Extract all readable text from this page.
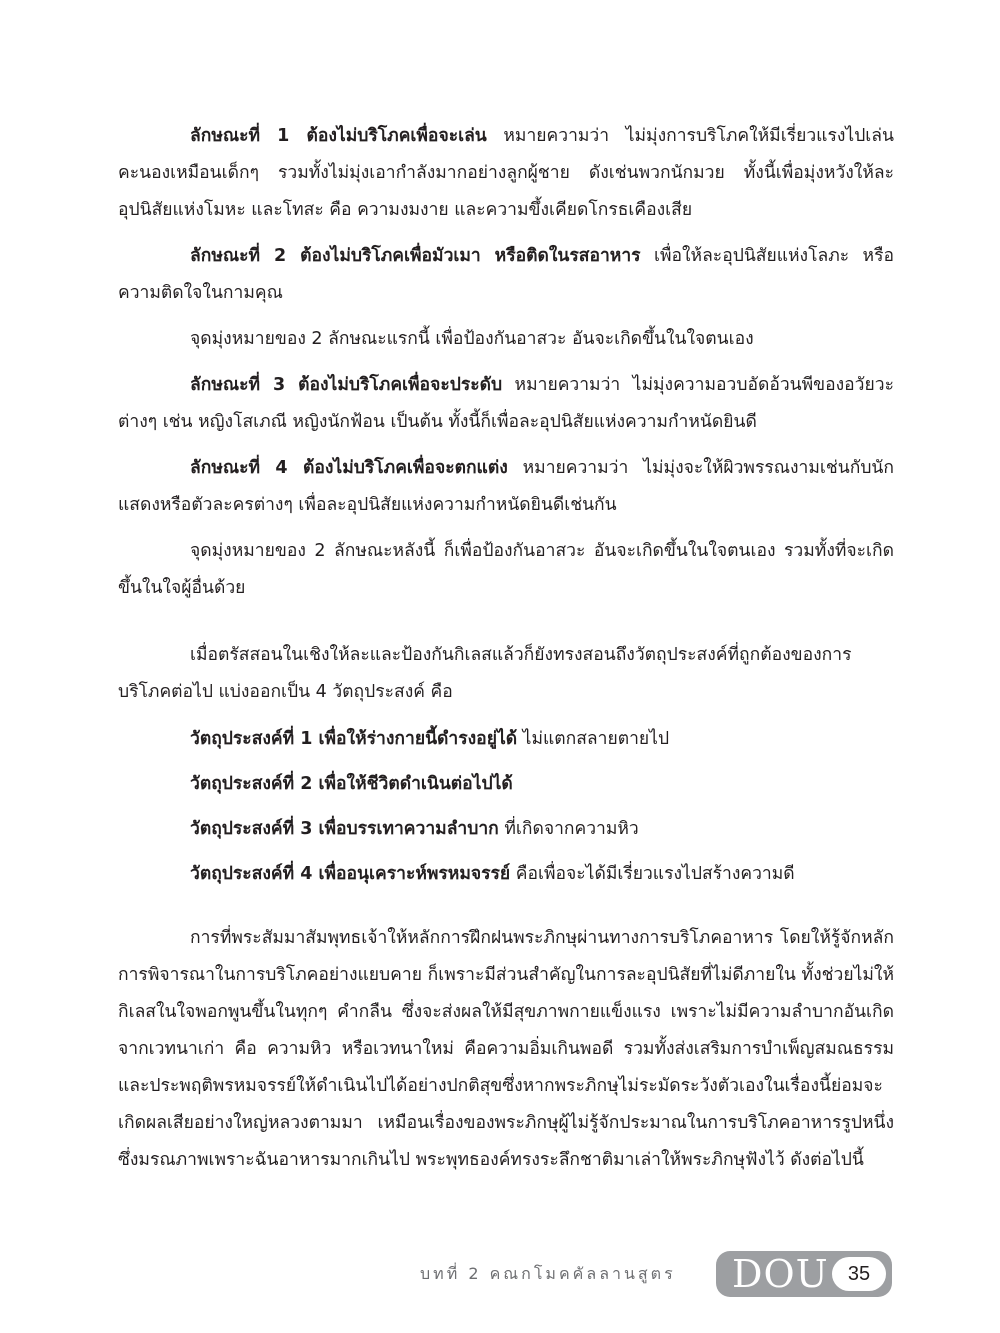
ลักษณะที่ 1 ต้องไม่บริโภคเพื่อจะเล่น หมายความว่า ไม่มุ่งการบริโภคให้มีเรี่ยวแรงไปเล่นคะนองเหมือนเด็กๆ รวมทั้งไม่มุ่งเอากำลังมากอย่างลูกผู้ชาย ดังเช่นพวกนักมวย ทั้งนี้เพื่อมุ่งหวังให้ละอุปนิสัยแห่งโมหะ และโทสะ คือ ความงมงาย และความขึ้งเคียดโกรธเคืองเสีย

ลักษณะที่ 2 ต้องไม่บริโภคเพื่อมัวเมา หรือติดในรสอาหาร เพื่อให้ละอุปนิสัยแห่งโลภะ หรือความติดใจในกามคุณ

จุดมุ่งหมายของ 2 ลักษณะแรกนี้ เพื่อป้องกันอาสวะ อันจะเกิดขึ้นในใจตนเอง

ลักษณะที่ 3 ต้องไม่บริโภคเพื่อจะประดับ หมายความว่า ไม่มุ่งความอวบอัดอ้วนพีของอวัยวะต่างๆ เช่น หญิงโสเภณี หญิงนักฟ้อน เป็นต้น ทั้งนี้ก็เพื่อละอุปนิสัยแห่งความกำหนัดยินดี

ลักษณะที่ 4 ต้องไม่บริโภคเพื่อจะตกแต่ง หมายความว่า ไม่มุ่งจะให้ผิวพรรณงามเช่นกับนักแสดงหรือตัวละครต่างๆ เพื่อละอุปนิสัยแห่งความกำหนัดยินดีเช่นกัน

จุดมุ่งหมายของ 2 ลักษณะหลังนี้ ก็เพื่อป้องกันอาสวะ อันจะเกิดขึ้นในใจตนเอง รวมทั้งที่จะเกิดขึ้นในใจผู้อื่นด้วย

เมื่อตรัสสอนในเชิงให้ละและป้องกันกิเลสแล้วก็ยังทรงสอนถึงวัตถุประสงค์ที่ถูกต้องของการบริโภคต่อไป แบ่งออกเป็น 4 วัตถุประสงค์ คือ

วัตถุประสงค์ที่ 1 เพื่อให้ร่างกายนี้ดำรงอยู่ได้ ไม่แตกสลายตายไป

วัตถุประสงค์ที่ 2 เพื่อให้ชีวิตดำเนินต่อไปได้

วัตถุประสงค์ที่ 3 เพื่อบรรเทาความลำบาก ที่เกิดจากความหิว

วัตถุประสงค์ที่ 4 เพื่ออนุเคราะห์พรหมจรรย์ คือเพื่อจะได้มีเรี่ยวแรงไปสร้างความดี

การที่พระสัมมาสัมพุทธเจ้าให้หลักการฝึกฝนพระภิกษุผ่านทางการบริโภคอาหาร โดยให้รู้จักหลักการพิจารณาในการบริโภคอย่างแยบคาย ก็เพราะมีส่วนสำคัญในการละอุปนิสัยที่ไม่ดีภายใน ทั้งช่วยไม่ให้กิเลสในใจพอกพูนขึ้นในทุกๆ คำกลืน ซึ่งจะส่งผลให้มีสุขภาพกายแข็งแรง เพราะไม่มีความลำบากอันเกิดจากเวทนาเก่า คือ ความหิว หรือเวทนาใหม่ คือความอิ่มเกินพอดี รวมทั้งส่งเสริมการบำเพ็ญสมณธรรมและประพฤติพรหมจรรย์ให้ดำเนินไปได้อย่างปกติสุขซึ่งหากพระภิกษุไม่ระมัดระวังตัวเองในเรื่องนี้ย่อมจะเกิดผลเสียอย่างใหญ่หลวงตามมา เหมือนเรื่องของพระภิกษุผู้ไม่รู้จักประมาณในการบริโภคอาหารรูปหนึ่ง ซึ่งมรณภาพเพราะฉันอาหารมากเกินไป พระพุทธองค์ทรงระลึกชาติมาเล่าให้พระภิกษุฟังไว้ ดังต่อไปนี้

บทที่ 2 คณกโมคคัลลานสูตร DOU 35
